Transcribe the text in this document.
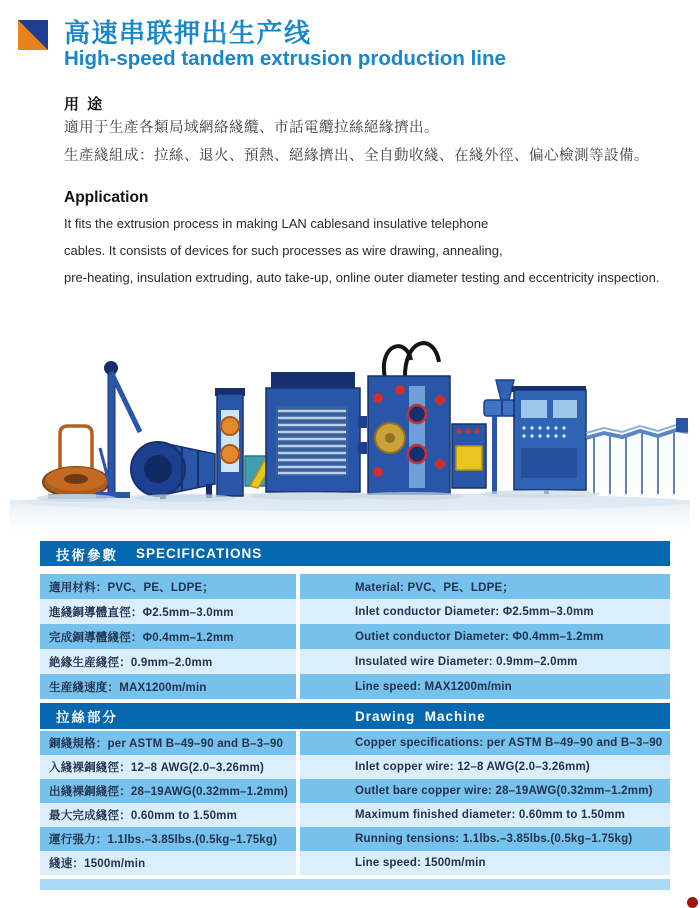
高速串联押出生产线
High-speed tandem extrusion production line
用 途
適用于生產各類局域網絡綫纜、市話電纜拉絲絕緣擠出。
生產綫組成：拉絲、退火、預熱、絕緣擠出、全自動收綫、在綫外徑、偏心檢測等設備。
Application
It fits the extrusion process in making LAN cablesand insulative telephone
cables. It consists of devices for such processes as wire drawing, annealing,
pre-heating, insulation extruding, auto take-up, online outer diameter testing and eccentricity inspection.
技術參數 SPECIFICATIONS
適用材料：PVC、PE、LDPE；	Material: PVC、PE、LDPE；
進綫銅導體直徑：Φ2.5mm–3.0mm	Inlet conductor Diameter: Φ2.5mm–3.0mm
完成銅導體綫徑：Φ0.4mm–1.2mm	Outiet conductor Diameter: Φ0.4mm–1.2mm
絶緣生産綫徑：0.9mm–2.0mm	Insulated wire Diameter: 0.9mm–2.0mm
生産綫速度：MAX1200m/min	Line speed: MAX1200m/min
拉絲部分	Drawing  Machine
銅綫規格：per ASTM B–49–90 and B–3–90	Copper specifications: per ASTM B–49–90 and B–3–90
入綫裸銅綫徑：12–8 AWG(2.0–3.26mm)	Inlet copper wire: 12–8 AWG(2.0–3.26mm)
出綫裸銅綫徑：28–19AWG(0.32mm–1.2mm)	Outlet bare copper wire: 28–19AWG(0.32mm–1.2mm)
最大完成綫徑：0.60mm to 1.50mm	Maximum finished diameter: 0.60mm to 1.50mm
運行張力：1.1lbs.–3.85lbs.(0.5kg–1.75kg)	Running tensions: 1.1lbs.–3.85lbs.(0.5kg–1.75kg)
綫速：1500m/min	Line speed: 1500m/min
